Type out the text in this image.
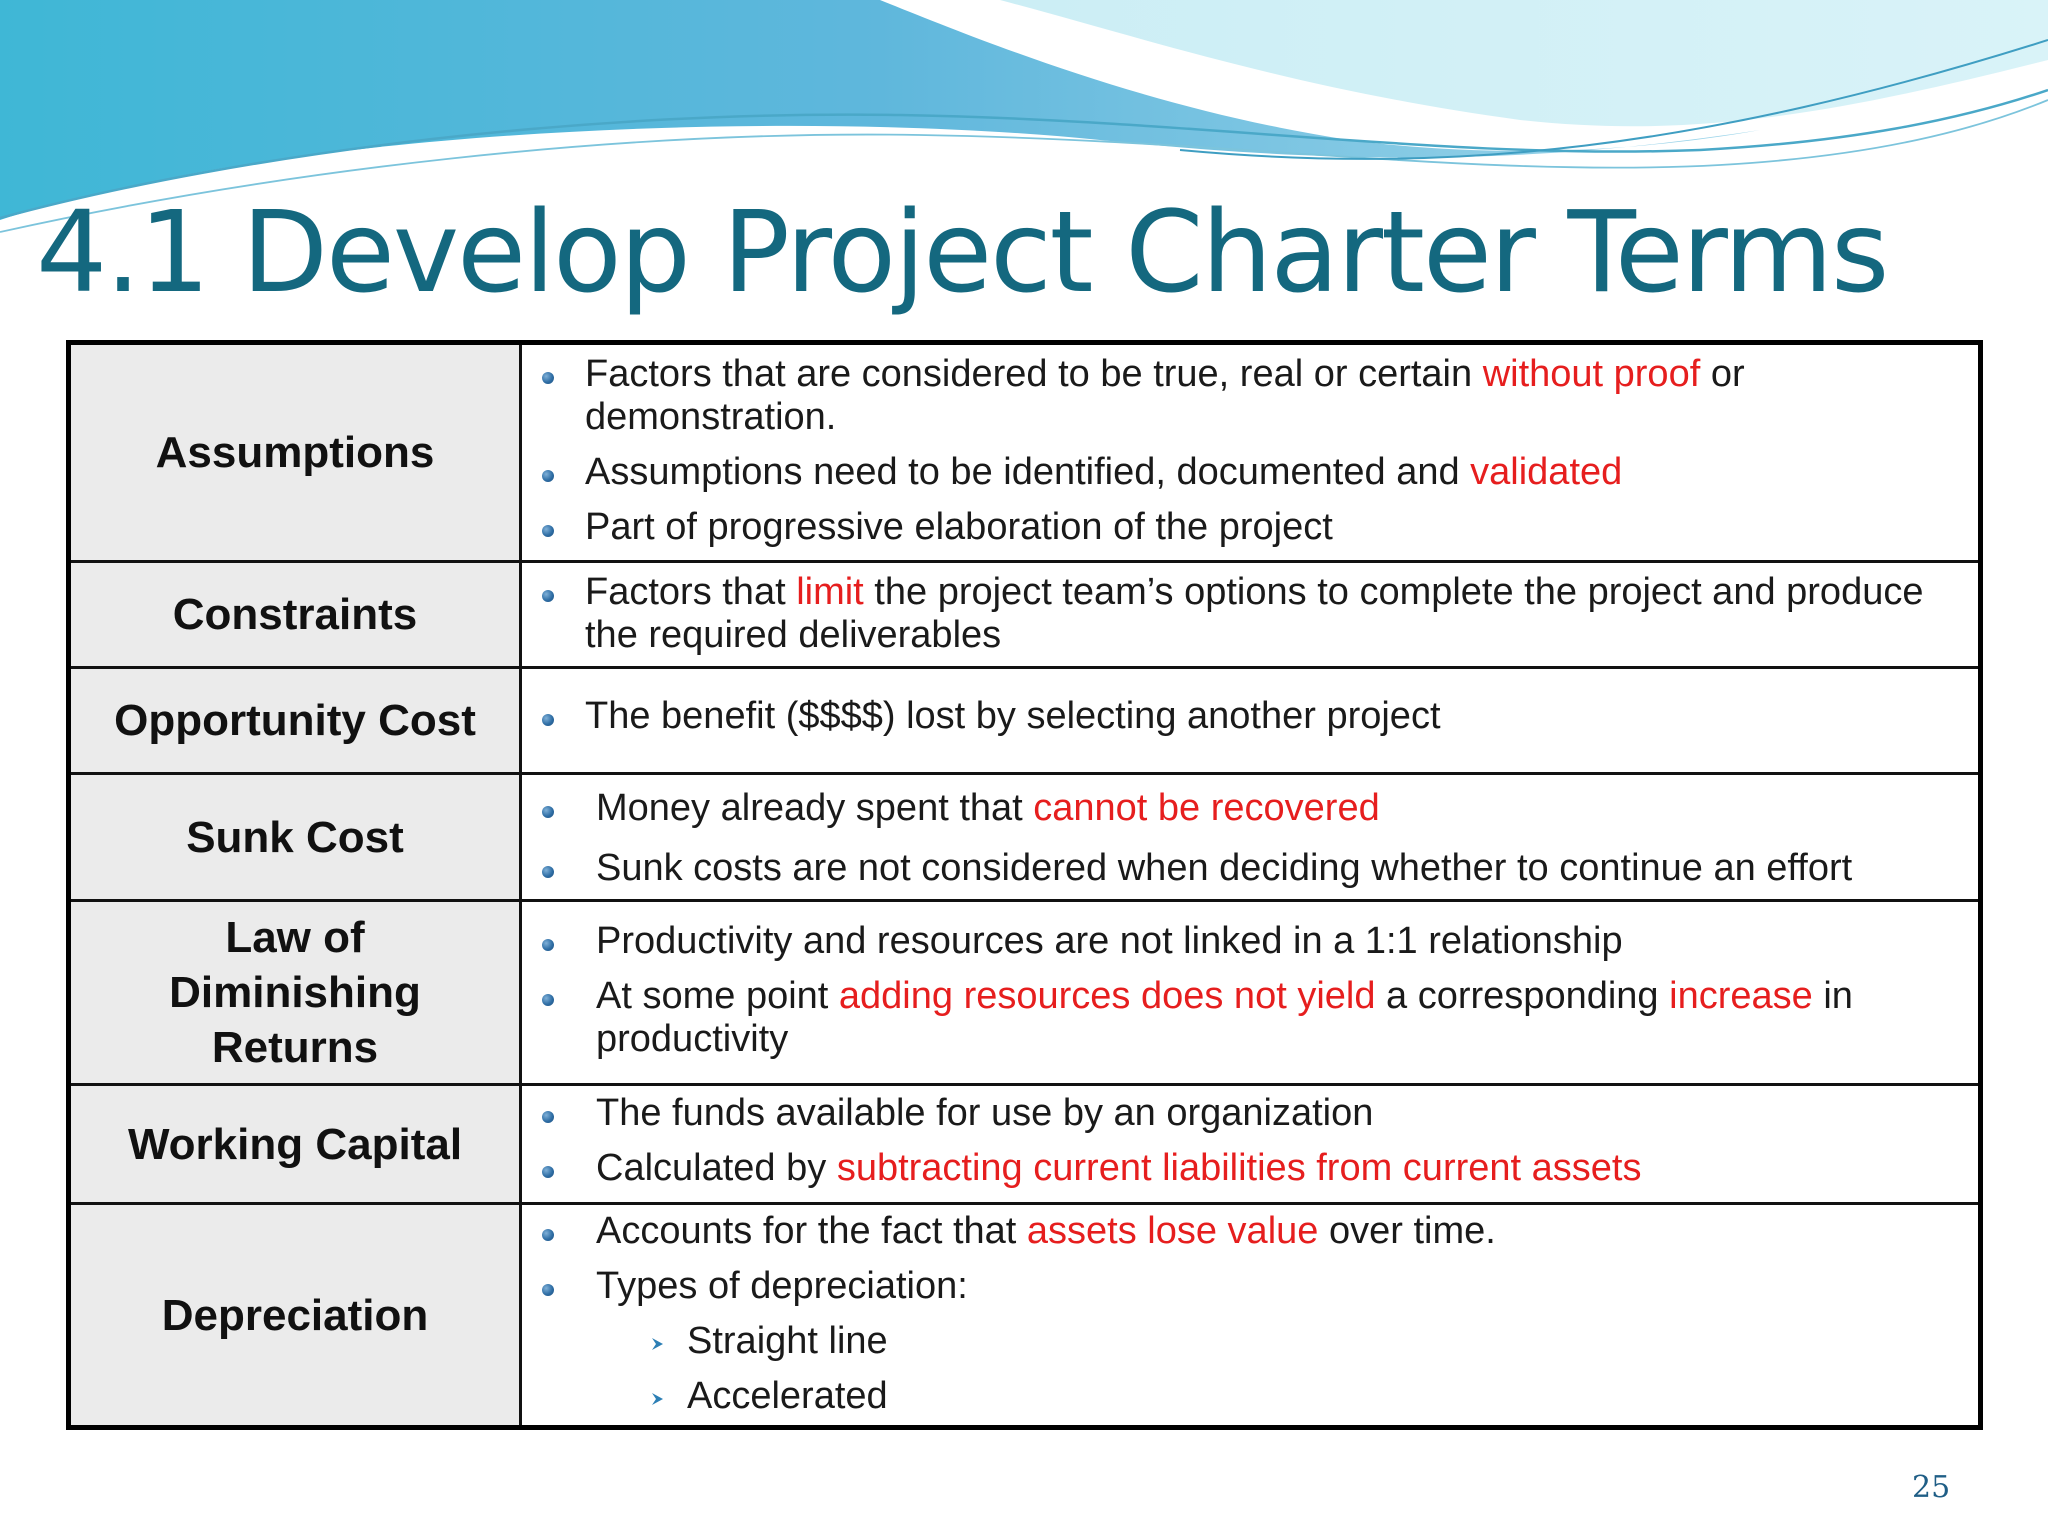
4.1 Develop Project Charter Terms
Assumptions
Factors that are considered to be true, real or certain without proof or demonstration.
Assumptions need to be identified, documented and validated
Part of progressive elaboration of the project
Constraints	Factors that limit the project team’s options to complete the project and produce the required deliverables
Opportunity Cost	The benefit ($$$$) lost by selecting another project
Sunk Cost
Money already spent that cannot be recovered
Sunk costs are not considered when deciding whether to continue an effort
Law of Diminishing Returns
Productivity and resources are not linked in a 1:1 relationship
At some point adding resources does not yield a corresponding increase in productivity
Working Capital
The funds available for use by an organization
Calculated by subtracting current liabilities from current assets
Depreciation
Accounts for the fact that assets lose value over time.
Types of depreciation:
Straight line
Accelerated
25
